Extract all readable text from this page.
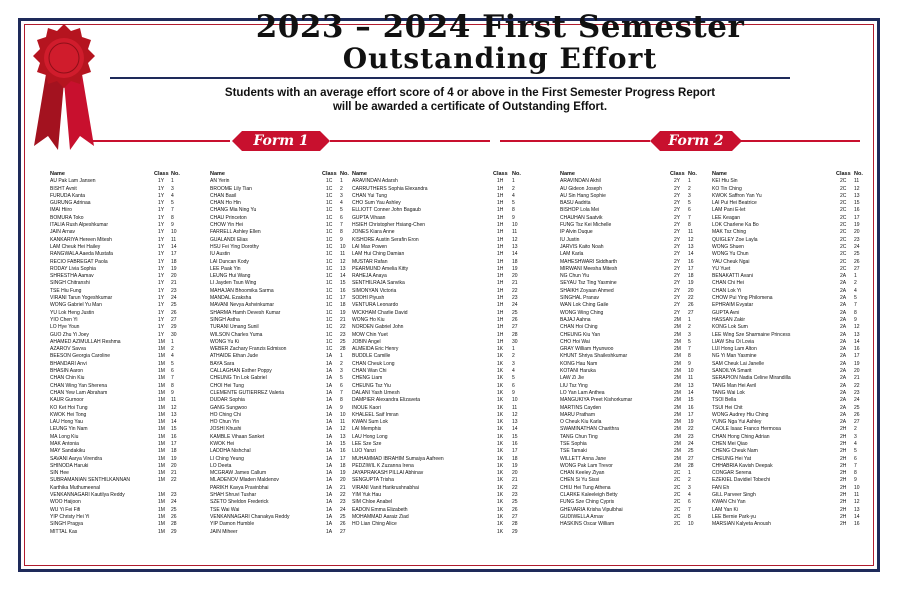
2023 – 2024 First Semester
Outstanding Effort
Students with an average effort score of 4 or above in the First Semester Progress Report
will be awarded a certificate of Outstanding Effort.
Form 1	Form 2
Name	Class No.
AU Pak Lam Jansen	1Y 1
BISHT Avnit	1Y 3
FURUDA Kanta	1Y 4
GURUNG Adrinaa	1Y 5
IMAI Hiiro	1Y 7
BOMURA Toko	1Y 8
ITALIA Rush Alpeshkumar	1Y 9
JAIN Arnav	1Y 10
KANKARIYA Hereen Mitesh	1Y 11
LAM Cheuk Hei Hailey	1Y 14
RANGWALA Aaeda Mustafa	1Y 17
RECIO FABREGAT Paola	1Y 18
RODAY Livia Sophia	1Y 19
SHRESTHA Aamav	1Y 20
SINGH Chitranshi	1Y 21
TSE Hiu Fung	1Y 23
VIRANI Tarun Yogeshkumar	1Y 24
WONG Gabriel Yu Man	1Y 25
YU Lok Heng Justin	1Y 26
YIO Chen Yi	1Y 27
LO Hye Youn	1Y 29
GUO Zhu Yi Joey	1Y 30
AHAMED AZIMULLAH Reshma	1M 1
AZAROV Savva	1M 2
BEESON Georgia Caroline	1M 4
BHANDARI Anvi	1M 5
BHASIN Aaron	1M 6
CHAN Chin Kiu	1M 7
CHAN Wing Yan Sherena	1M 8
CHAN Yew Lam Abraham	1M 9
KAUR Gurnoor	1M 11
KO Ket Hoi Tung	1M 12
KWOK Hei Tong	1M 13
LAU Hong Yau	1M 14
LEUNG Yin Nam	1M 15
MA Long Kiu	1M 16
MAK Antonia	1M 17
MAY Sandakiku	1M 18
SAVANI Aarya Virendra	1M 19
SHINODA Haruki	1M 20
SIN Hee	1M 21
SUBRAMANIAN SENTHILKANNAN	1M 22
Karthika Muthumeenal
VENKANNAGARI Kautilya Reddy	1M 23
WOO Haijoon	1M 24
WU Yi Fei Fifi	1M 25
YIP Christy Hei Yi	1M 26
SINGH Pragya	1M 28
MITTAL Kas	1M 29
Name	Class No.
AN Yerin	1C 1
BROOME Lily Tian	1C 2
CHAN Basil	1C 3
CHAN Ho Hin	1C 4
CHANG Mia Ning Yu	1C 5
CHAU Princeton	1C 6
CHOW Yin Hei	1C 7
FARRELL Ashley Ellen	1C 8
GUALANDI Elias	1C 9
HSU Fei Ying Dorothy	1C 10
IU Austin	1C 11
LAI Duncan Kody	1C 12
LEE Paak Yin	1C 13
LEUNG Hui Wang	1C 14
LI Jayden Tsun Wing	1C 15
MAHAJAN Bhoomika Sarma	1C 16
MANDAL Ezaksha	1C 17
MAVANI Nevya Ashvinkumar	1C 18
SHARMA Hamh Devesh Kumar	1C 19
SINGH Astha	1C 21
TURANI Umang Sunil	1C 22
WILSON Charles Yuma	1C 23
WONG Yu Ki	1C 25
WEBER Zachary Franzis Edmison	1C 28
ATHAIDE Ethan Jude	1A 1
BAYA Sara	1A 2
CALLAGHAN Esther Poppy	1A 3
CHEUNG Tin Lok Gabriel	1A 5
CHOI Hei Tung	1A 6
CLEMENTE GUTIERREZ Valeria	1A 7
DUDAR Sophia	1A 8
GANG Sungwoo	1A 9
HO Ching Chi	1A 10
HO Chun Yin	1A 11
JOSHI Khushi	1A 12
KAMBLE Vihaan Sanket	1A 13
KWOK Hei	1A 15
LADDHA Nishchal	1A 16
LI Ching Yeung	1A 17
LO Deeta	1A 18
MCGRAW James Callum	1A 19
MLADENOV Mladen Maldenov	1A 20
PARIKH Kavya Pravinbhai	1A 21
SHAH Shruvi Tushar	1A 22
SZETO Sheldon Frederick	1A 23
TSE Wai Wai	1A 24
VENKANNAGARI Chanakya Reddy	1A 25
YIP Damon Humble	1A 26
JAIN Miheer	1A 27
Name	Class No.
ARAVINDAN Adarsh	1H 1
CARRUTHERS Sophia Elexandra	1H 2
CHAN Yui Tung	1H 4
CHO Sum Yau Ashley	1H 5
ELLIOTT Conner John Bagaub	1H 8
GUPTA Vihaan	1H 9
HSIEH Christopher Hsiang-Chen	1H 10
JONES Kiara Anne	1H 11
KISHORE Austin Serafin Eron	1H 12
LAI Max Powen	1H 13
LAM Hui Ching Damian	1H 14
MUSTAR Rafan	1H 18
PEARMUND Amelia Kitty	1H 19
RAHEJA Anaya	1H 20
SENTHILRAJA Sanvika	1H 21
SIMONYAN Victoria	1H 22
SODHI Piyush	1H 23
VENTURA Leonardo	1H 24
WICKHAM Charlie David	1H 25
WONG Ho Kiu	1H 26
NORDEN Gabriel John	1H 27
MOW Chin Yuet	1H 28
JOBIN Angel	1H 30
ALMEIDA Eric Henry	1K 1
BUDDLE Camille	1K 2
CHAN Cheuk Long	1K 3
CHAN Wan Chi	1K 4
CHENG Liam	1K 5
CHEUNG Tsz Yiu	1K 6
DALANI Yash Umesh	1K 9
DAMPIER Alexandra Elizaveta	1K 10
INOUE Kaori	1K 11
KHALEEL Saif Imran	1K 12
KWAN Sum Lok	1K 13
LAI Memphis	1K 14
LAU Hong Long	1K 15
LEE Sze Sze	1K 16
LUO Yanzi	1K 17
MUHAMMAD IBRAHIM Sumaiya Aafreen	1K 18
PEDZIWIL K Zuzanna Irena	1K 19
JAYAPRAKASH PILLAI Abhinav	1K 20
SENGUPTA Trisha	1K 21
VIRANI Vanit Harikrushnabhai	1K 22
YIM Yuk Hau	1K 23
SIM Chloe Anabel	1K 25
EADON Emma Elizabeth	1K 26
MOHAMMAD Aaraiz Ziad	1K 27
HO Lian Ching Alice	1K 28
1K 29
Name	Class No.
ARAVINDAN Akhil	2Y 1
AU Gideon Joseph	2Y 2
AU Sin Hang Sophie	2Y 3
BASU Aadrita	2Y 5
BISHOP Lola Mei	2Y 6
CHAUHAN Saatvik	2Y 7
FUNG Tsz Kei Michelle	2Y 8
IP Alvin Duque	2Y 11
IU Justin	2Y 12
JARVIS Kaito Noah	2Y 13
LAM Karla	2Y 14
MAHESHWARI Siddharth	2Y 16
MIRWANI Meesha Mitesh	2Y 17
NG Chun Yiu	2Y 18
SEYAU Tsz Ting Yasmine	2Y 19
SHAIKH Zoyaan Ahmed	2Y 20
SINGHAL Pranav	2Y 22
WAN Lok Ching Gaile	2Y 26
WONG Wing Ching	2Y 27
BAJAJ Aahna	2M 1
CHAN Hoi Ching	2M 2
CHEUNG Kiu Yan	2M 3
CHO Hoi Wai	2M 5
GRAY William Hyunwoo	2M 7
KHUNT Shriya Shaileshkumar	2M 8
KONG Hau Nam	2M 9
KOTANI Haruka	2M 10
LAW Zi Jie	2M 11
LIU Tsz Ying	2M 13
LO Yan Lam Anthea	2M 14
MANGUKIYA Preet Kishorkumar	2M 15
MARTINS Cayden	2M 16
MARU Pratham	2M 17
O Cheuk Kiu Karla	2M 19
SWAMINATHAN Charithra	2M 22
TANG Chun Ting	2M 23
TSE Sophia	2M 24
TSE Tamaki	2M 25
WILLETT Anna Jane	2M 27
WONG Pak Lam Trevor	2M 28
CHAN Keeley Ziyan	2C 1
CHEN Si Yu Sissi	2C 2
CHIU Hei Tung Athena	2C 3
CLARKE Kaleeleigh Betty	2C 4
FUNG Sze Ching Cypris	2C 6
GHEVARIA Krisha Vipulbhai	2C 7
GUDIWELLA Arnav	2C 8
HASKINS Oscar William	2C 10
Name	Class No.
KEI Hiu Sin	2C 11
KO Tin Ching	2C 12
KWOK Saffron Yan Yu	2C 13
LAI Pui Hei Beatrice	2C 15
LAM Pani E-let	2C 16
LEE Keagan	2C 17
LOK Charlene Ka Bo	2C 19
MAK Tsz Ching	2C 20
QUIGLEY Zoe Layla	2C 23
WONG Shuen	2C 24
WONG Yu Chun	2C 25
YAU Cheuk Ngai	2C 26
YU Yuet	2C 27
BENAKATTI Avani	2A 1
CHAN Chi Hei	2A 2
CHAN Lok Yi	2A 4
CHOW Pui Ying Philomena	2A 5
EPHRAIM Evyatar	2A 7
GUPTA Avni	2A 8
HASSAN Zakir	2A 9
KONG Lok Sum	2A 12
LEE Wing Sze Sharmaine Princess	2A 13
LIAW Shu Oi Lovia	2A 14
LUI Hong Lam Alton	2A 16
NG Yi Man Yasmine	2A 17
SAM Cheuk Lai Janelle	2A 19
SANDILYA Smarit	2A 20
SERAPION Nadia Celine Mirandilla	2A 21
TANG Man Hei Avril	2A 22
TANG Wai Lok	2A 23
TSOI Bella	2A 24
TSUI Hei Chit	2A 25
WONG Audrey Hiu Ching	2A 26
YUNG Nga Yui Ashley	2A 27
CAOLE Isaac Franco Hermosa	2H 2
CHAN Hong Ching Adrian	2H 3
CHEN Mei Qiao	2H 4
CHENG Cheuk Nam	2H 5
CHEUNG Hei Yat	2H 6
CHHABRIA Kavish Deepak	2H 7
CONGAR Serena	2H 8
EZEKIEL Davidiel Tobechi	2H 9
FAN Eh	2H 10
GILL Parveer Singh	2H 11
KWAN Chi Yan	2H 12
LAM Yan Ki	2H 13
LEE Bernie Park-yu	2H 14
MARSIAN Kalyeta Anoush	2H 16
